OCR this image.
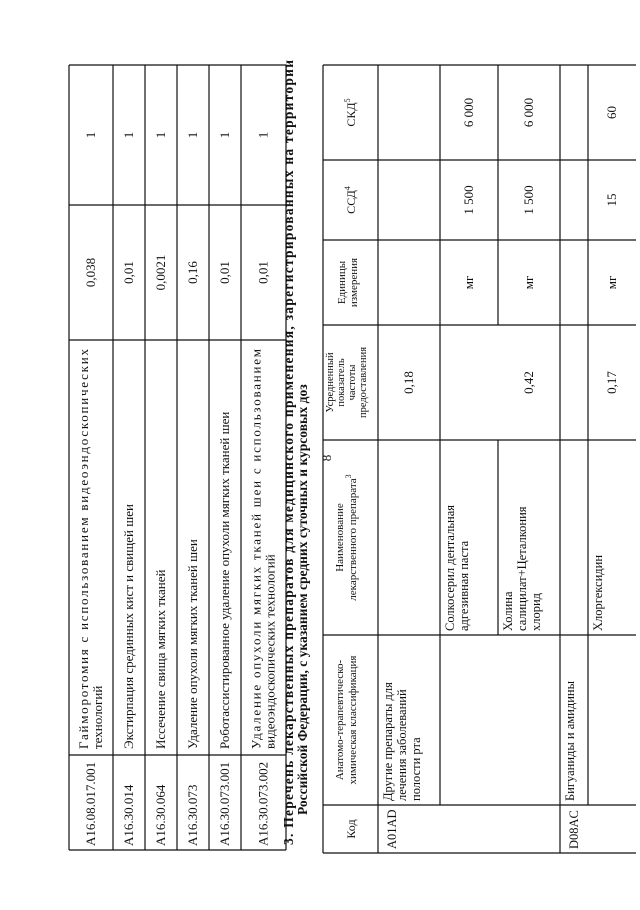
8
A16.08.017.001
Гайморотомия с использованием видеоэндоскопических
технологий
0,038
1
A16.30.014
Экстирпация срединных кист и свищей шеи
0,01
1
A16.30.064
Иссечение свища мягких тканей
0,0021
1
A16.30.073
Удаление опухоли мягких тканей шеи
0,16
1
A16.30.073.001
Роботассистированное удаление опухоли мягких тканей шеи
0,01
1
A16.30.073.002
Удаление опухоли мягких тканей шеи с использованием
видеоэндоскопических технологий
0,01
1
3. Перечень лекарственных препаратов для медицинского применения, зарегистрированных на территории
Российской Федерации, с указанием средних суточных и курсовых доз
Код
Анатомо-терапевтическо- химическая классификация
Наименование лекарственного препарата$^3$
Усредненный показатель частоты предоставления
Единицы измерения
ССД$^4$
СКД$^5$
A01AD
Другие препараты для лечения заболеваний полости рта
0,18
Солкосерил дентальная адгезивная паста
мг
1 500
6 000
Холина салицилат+Цеталкония хлорид
0,42
мг
1 500
6 000
D08AC
Бигуаниды и амидины
Хлоргексидин
0,17
мг
15
60
